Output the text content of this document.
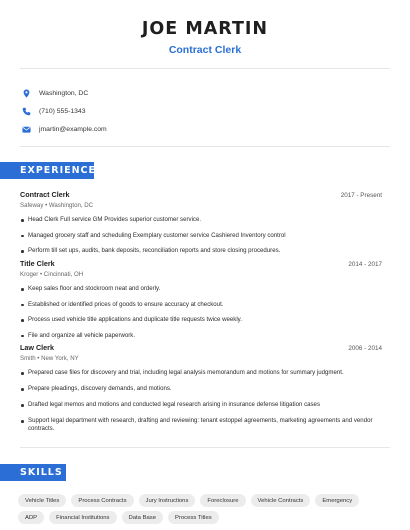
JOE MARTIN
Contract Clerk
Washington, DC
(710) 555-1343
jmartin@example.com
EXPERIENCE
Contract Clerk	2017 - Present
Safeway • Washington, DC
Head Clerk Full service GM Provides superior customer service.
Managed grocery staff and scheduling Exemplary customer service Cashiered Inventory control
Perform till set ups, audits, bank deposits, reconciliation reports and store closing procedures.
Title Clerk	2014 - 2017
Kroger • Cincinnati, OH
Keep sales floor and stockroom neat and orderly.
Established or identified prices of goods to ensure accuracy at checkout.
Process used vehicle title applications and duplicate title requests twice weekly.
File and organize all vehicle paperwork.
Law Clerk	2006 - 2014
Smith • New York, NY
Prepared case files for discovery and trial, including legal analysis memorandum and motions for summary judgment.
Prepare pleadings, discovery demands, and motions.
Drafted legal memos and motions and conducted legal research arising in insurance defense litigation cases
Support legal department with research, drafting and reviewing: tenant estoppel agreements, marketing agreements and vendor contracts.
SKILLS
Vehicle Titles	Process Contracts	Jury Instructions	Foreclosure	Vehicle Contracts	Emergency
ADP	Financial Institutions	Data Base	Process Titles
